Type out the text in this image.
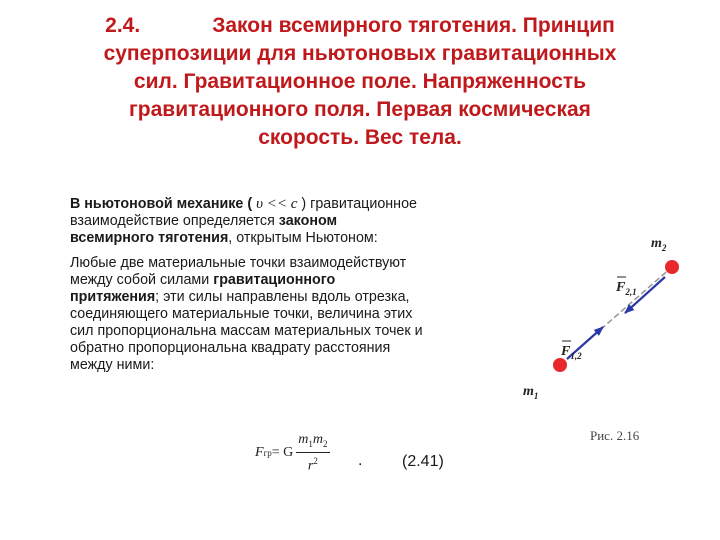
2.4.	Закон всемирного тяготения. Принцип
суперпозиции для ньютоновых гравитационных
сил. Гравитационное поле. Напряженность
гравитационного поля. Первая космическая
скорость. Вес тела.

В ньютоновой механике ( υ << c ) гравитационное
взаимодействие определяется законом
всемирного тяготения, открытым Ньютоном:

Любые две материальные точки взаимодействуют
между собой силами гравитационного
притяжения; эти силы направлены вдоль отрезка,
соединяющего материальные точки, величина этих
сил пропорциональна массам материальных точек и
обратно пропорциональна квадрату расстояния
между ними:

F гр = G $\frac{m_1m_2}{r^2}$ . (2.41)
$m_2$
$m_1$
$F_{2,1}$
$F_{1,2}$
Рис. 2.16
